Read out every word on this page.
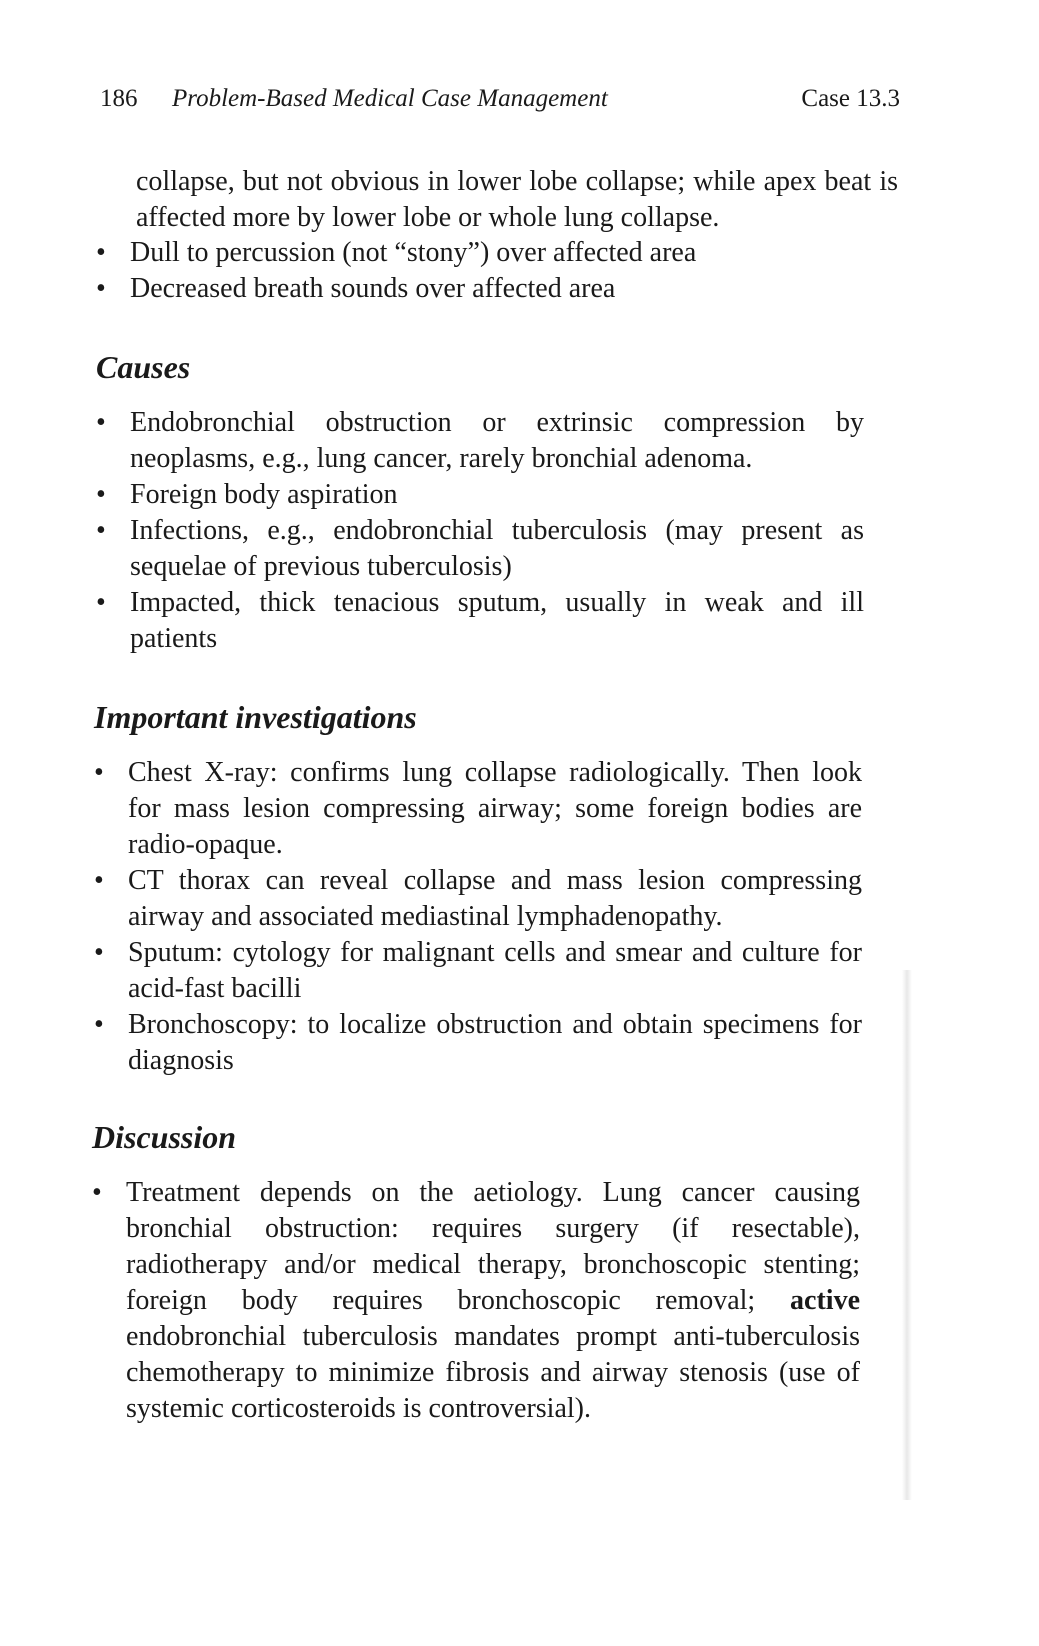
186 Problem-Based Medical Case Management	Case 13.3
collapse, but not obvious in lower lobe collapse; while apex beat is affected more by lower lobe or whole lung collapse.
• Dull to percussion (not “stony”) over affected area
• Decreased breath sounds over affected area
Causes
• Endobronchial obstruction or extrinsic compression by neoplasms, e.g., lung cancer, rarely bronchial adenoma.
• Foreign body aspiration
• Infections, e.g., endobronchial tuberculosis (may present as sequelae of previous tuberculosis)
• Impacted, thick tenacious sputum, usually in weak and ill patients
Important investigations
• Chest X-ray: confirms lung collapse radiologically. Then look for mass lesion compressing airway; some foreign bodies are radio-opaque.
• CT thorax can reveal collapse and mass lesion compressing airway and associated mediastinal lymphadenopathy.
• Sputum: cytology for malignant cells and smear and culture for acid-fast bacilli
• Bronchoscopy: to localize obstruction and obtain specimens for diagnosis
Discussion
• Treatment depends on the aetiology. Lung cancer causing bronchial obstruction: requires surgery (if resectable), radiotherapy and/or medical therapy, bronchoscopic stenting; foreign body requires bronchoscopic removal; active endobronchial tuberculosis mandates prompt anti-tuberculosis chemotherapy to minimize fibrosis and airway stenosis (use of systemic corticosteroids is controversial).
